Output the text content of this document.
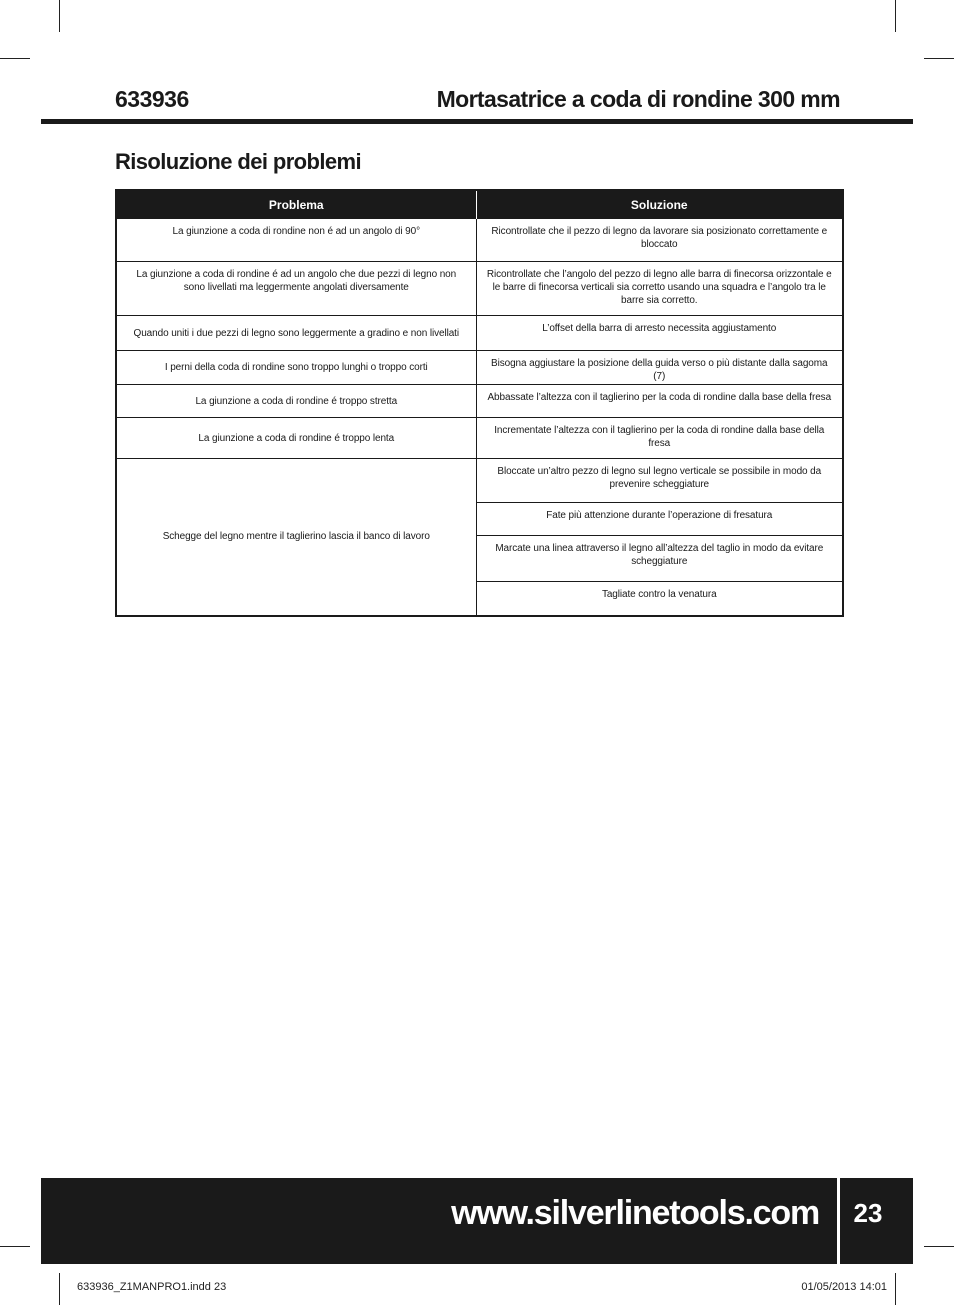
633936	Mortasatrice a coda di rondine 300 mm
Risoluzione dei problemi
Problema	Soluzione
La giunzione a coda di rondine non é ad un angolo di 90°	Ricontrollate che il pezzo di legno da lavorare sia posizionato correttamente e bloccato
La giunzione a coda di rondine é ad un angolo che due pezzi di legno non sono livellati ma leggermente angolati diversamente	Ricontrollate che l’angolo del pezzo di legno alle barra di finecorsa orizzontale e le barre di finecorsa verticali sia corretto usando una squadra e l’angolo tra le barre sia corretto.
Quando uniti i due pezzi di legno sono leggermente a gradino e non livellati	L’offset della barra di arresto necessita aggiustamento
I perni della coda di rondine sono troppo lunghi o troppo corti	Bisogna aggiustare la posizione della guida verso o più distante dalla sagoma (7)
La giunzione a coda di rondine é troppo stretta	Abbassate l’altezza con il taglierino per la coda di rondine dalla base della fresa
La giunzione a coda di rondine é troppo lenta	Incrementate l’altezza con il taglierino per la coda di rondine dalla base della fresa
Schegge del legno mentre il taglierino lascia il banco di lavoro	Bloccate un’altro pezzo di legno sul legno verticale se possibile in modo da prevenire scheggiature
	Fate più attenzione durante l’operazione di fresatura
	Marcate una linea attraverso il legno all’altezza del taglio in modo da evitare scheggiature
	Tagliate contro la venatura
www.silverlinetools.com	23
633936_Z1MANPRO1.indd 23	01/05/2013 14:01
